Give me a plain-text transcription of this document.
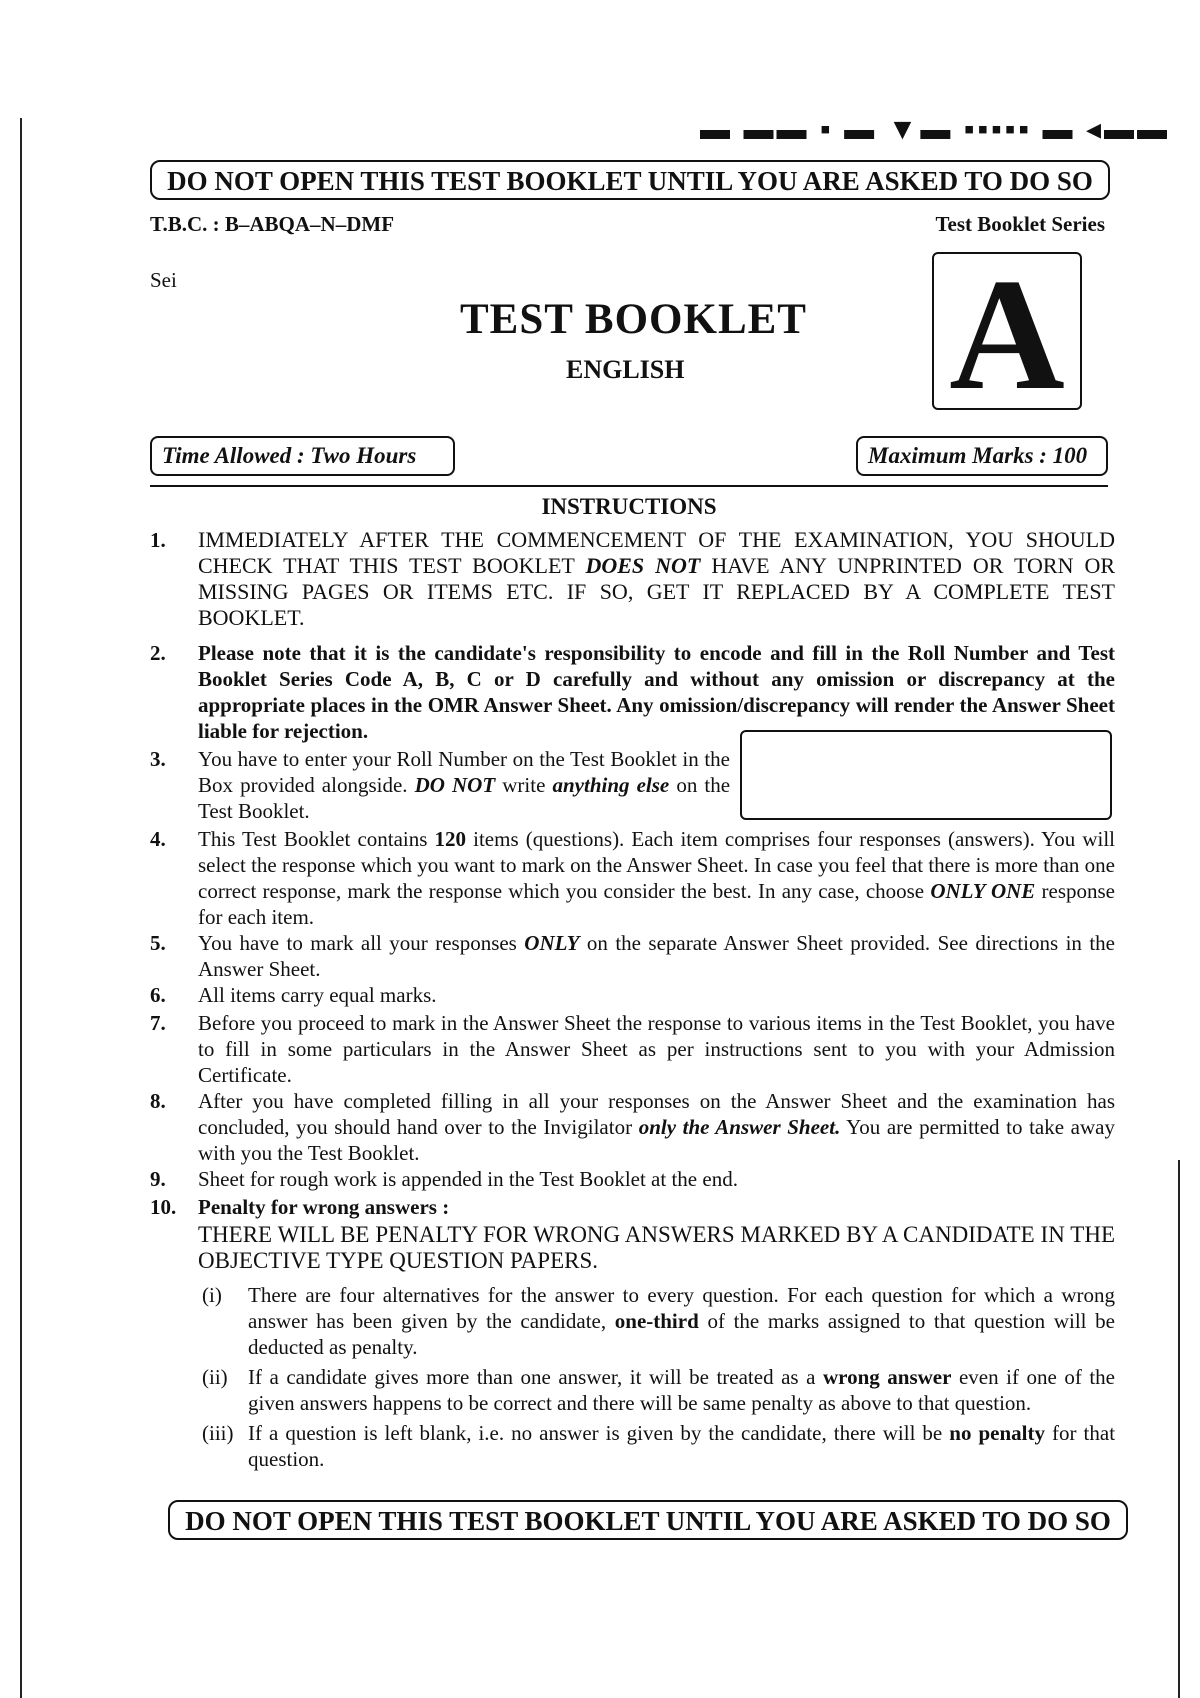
▬ ▬▬ ▪ ▬ ▼▬ ▪▪▪▪▪ ▬ ◂▬▬
DO NOT OPEN THIS TEST BOOKLET UNTIL YOU ARE ASKED TO DO SO
T.B.C. : B–ABQA–N–DMF	Test Booklet Series
Sei
TEST BOOKLET
ENGLISH A
Time Allowed : Two Hours	Maximum Marks : 100
INSTRUCTIONS
1. IMMEDIATELY AFTER THE COMMENCEMENT OF THE EXAMINATION, YOU SHOULD CHECK THAT THIS TEST BOOKLET DOES NOT HAVE ANY UNPRINTED OR TORN OR MISSING PAGES OR ITEMS ETC. IF SO, GET IT REPLACED BY A COMPLETE TEST BOOKLET.
2. Please note that it is the candidate's responsibility to encode and fill in the Roll Number and Test Booklet Series Code A, B, C or D carefully and without any omission or discrepancy at the appropriate places in the OMR Answer Sheet. Any omission/discrepancy will render the Answer Sheet liable for rejection.
3. You have to enter your Roll Number on the Test Booklet in the Box provided alongside. DO NOT write anything else on the Test Booklet.
4. This Test Booklet contains 120 items (questions). Each item comprises four responses (answers). You will select the response which you want to mark on the Answer Sheet. In case you feel that there is more than one correct response, mark the response which you consider the best. In any case, choose ONLY ONE response for each item.
5. You have to mark all your responses ONLY on the separate Answer Sheet provided. See directions in the Answer Sheet.
6. All items carry equal marks.
7. Before you proceed to mark in the Answer Sheet the response to various items in the Test Booklet, you have to fill in some particulars in the Answer Sheet as per instructions sent to you with your Admission Certificate.
8. After you have completed filling in all your responses on the Answer Sheet and the examination has concluded, you should hand over to the Invigilator only the Answer Sheet. You are permitted to take away with you the Test Booklet.
9. Sheet for rough work is appended in the Test Booklet at the end.
10. Penalty for wrong answers :
THERE WILL BE PENALTY FOR WRONG ANSWERS MARKED BY A CANDIDATE IN THE OBJECTIVE TYPE QUESTION PAPERS.
(i) There are four alternatives for the answer to every question. For each question for which a wrong answer has been given by the candidate, one-third of the marks assigned to that question will be deducted as penalty.
(ii) If a candidate gives more than one answer, it will be treated as a wrong answer even if one of the given answers happens to be correct and there will be same penalty as above to that question.
(iii) If a question is left blank, i.e. no answer is given by the candidate, there will be no penalty for that question.
DO NOT OPEN THIS TEST BOOKLET UNTIL YOU ARE ASKED TO DO SO
